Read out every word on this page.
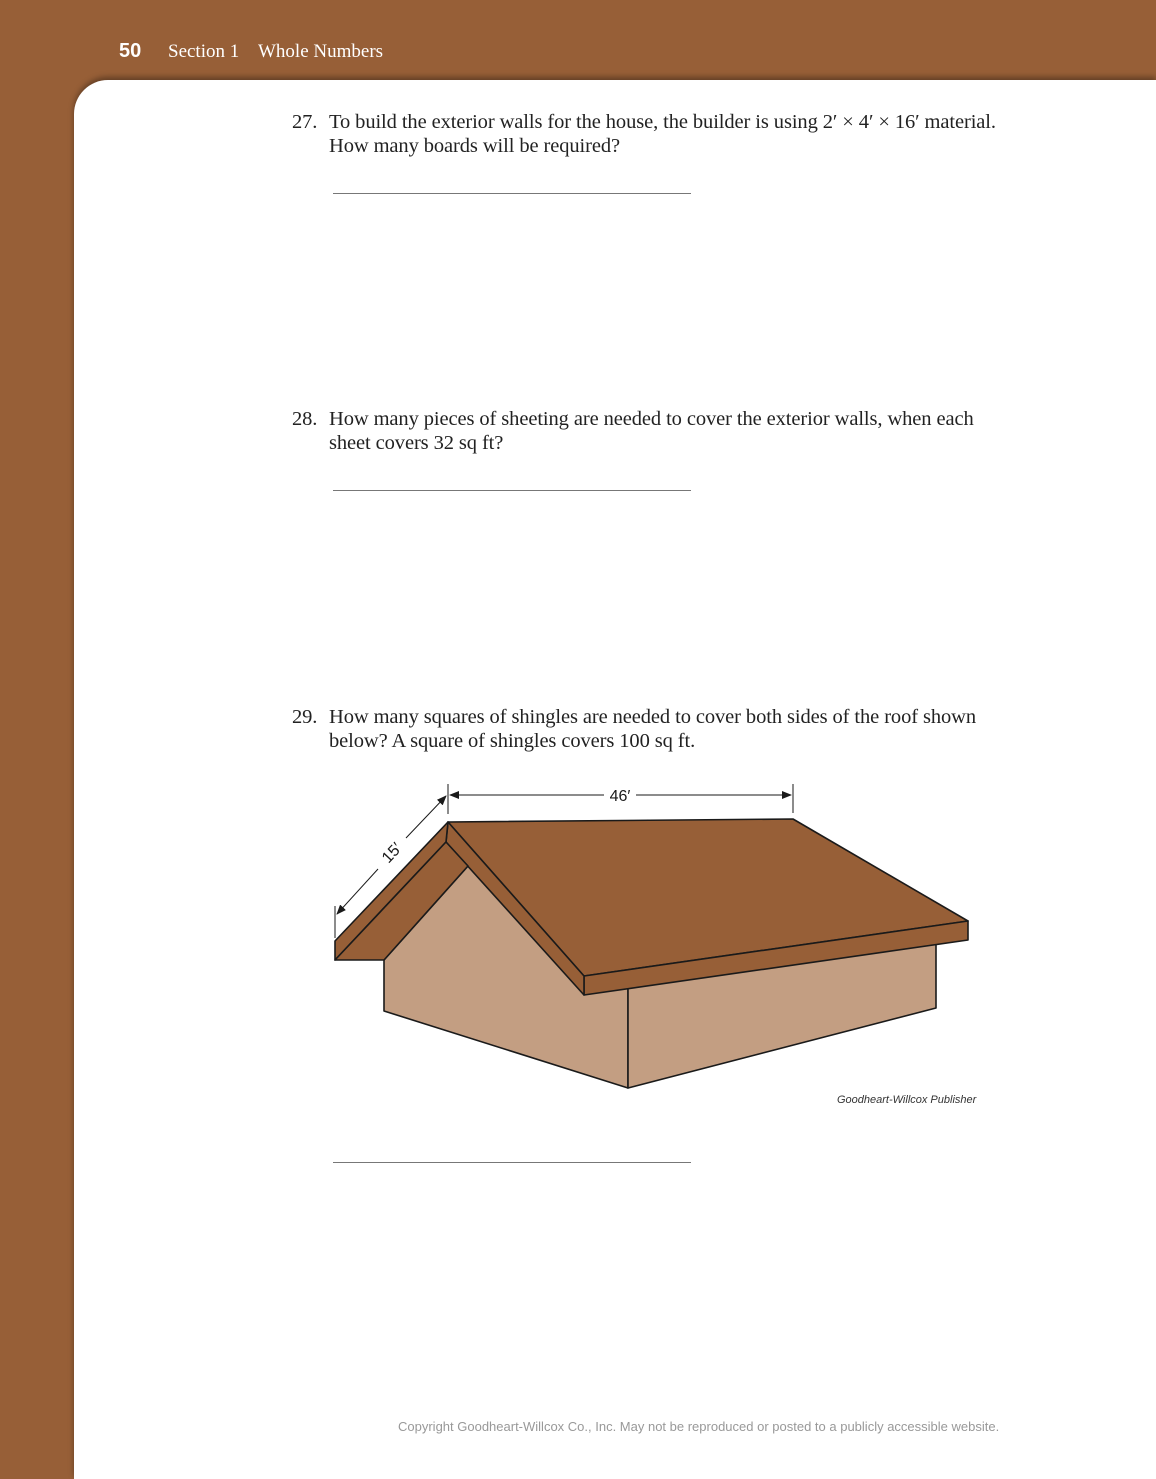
50 Section 1 Whole Numbers
27. To build the exterior walls for the house, the builder is using 2′ × 4′ × 16′ material. How many boards will be required?
28. How many pieces of sheeting are needed to cover the exterior walls, when each sheet covers 32 sq ft?
29. How many squares of shingles are needed to cover both sides of the roof shown below? A square of shingles covers 100 sq ft.
46′
15′
Goodheart-Willcox Publisher
Copyright Goodheart-Willcox Co., Inc. May not be reproduced or posted to a publicly accessible website.
